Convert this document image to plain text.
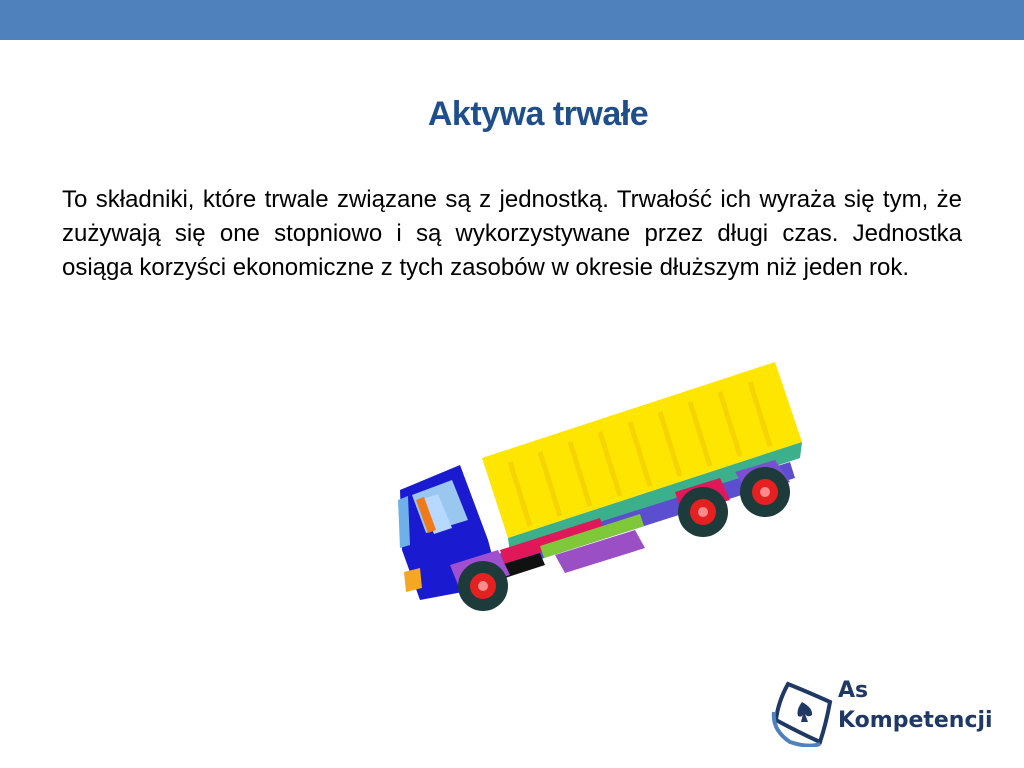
Aktywa trwałe
To składniki, które trwale związane są z jednostką. Trwałość ich wyraża się tym, że zużywają się one stopniowo i są wykorzystywane przez długi czas. Jednostka osiąga korzyści ekonomiczne z tych zasobów w okresie dłuższym niż jeden rok.
As
Kompetencji
